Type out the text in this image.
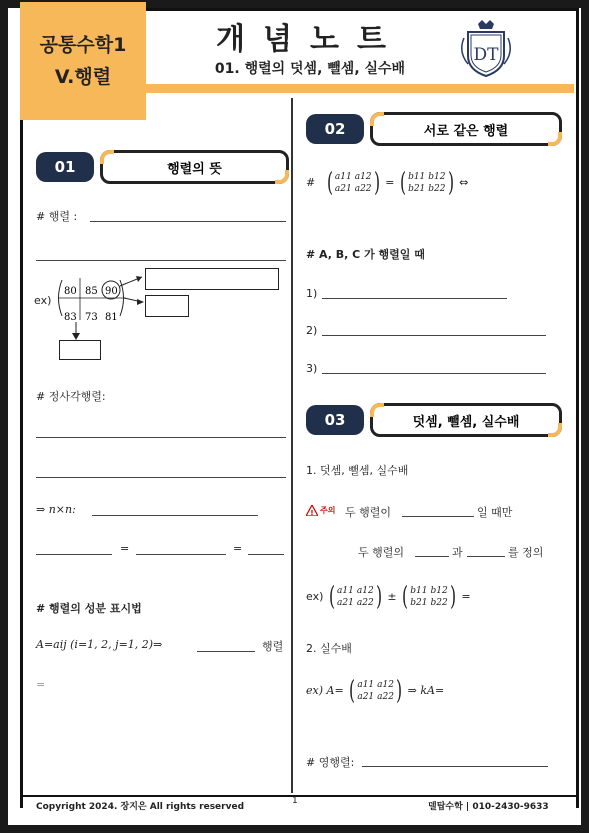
공통수학1
V.행렬
개념노트
01. 행렬의 덧셈, 뺄셈, 실수배
DT
01	행렬의 뜻
# 행렬 :
ex)
80 85 90
83 73 81
# 정사각행렬:
⇒ n×n:
=	=
# 행렬의 성분 표시법
A=aij (i=1, 2, j=1, 2)⇒	행렬
=
02	서로 같은 행렬
# ( a11 a12
a21 a22 ) = ( b11 b12
b21 b22 ) ⇔
# A, B, C 가 행렬일 때
1)
2)
3)
03	덧셈, 뺄셈, 실수배
1. 덧셈, 뺄셈, 실수배
! 주의 두 행렬이	일 때만
두 행렬의	과	를 정의
ex) ( a11 a12
a21 a22 ) ± ( b11 b12
b21 b22 ) =
2. 실수배
ex) A= ( a11 a12
a21 a22 ) ⇒ kA=
# 영행렬:
Copyright 2024. 장지은 All rights reserved
1
델탑수학 | 010-2430-9633
